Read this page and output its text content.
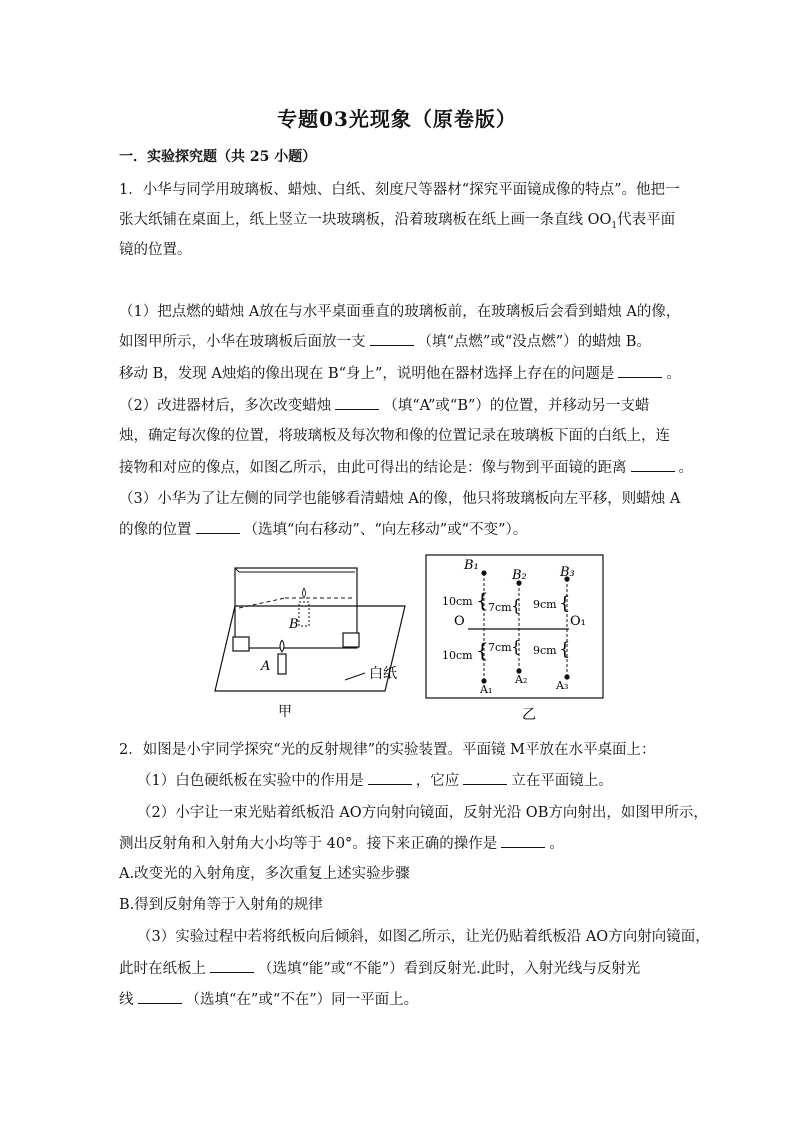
专题03光现象（原卷版）
一．实验探究题（共 25 小题）
1．小华与同学用玻璃板、蜡烛、白纸、刻度尺等器材“探究平面镜成像的特点”。他把一
张大纸铺在桌面上，纸上竖立一块玻璃板，沿着玻璃板在纸上画一条直线 $OO_1$代表平面
镜的位置。
（1）把点燃的蜡烛 A放在与水平桌面垂直的玻璃板前，在玻璃板后会看到蜡烛 A的像，
如图甲所示，小华在玻璃板后面放一支	（填“点燃”或“没点燃”）的蜡烛 B。
移动 B，发现 A烛焰的像出现在 B“身上”，说明他在器材选择上存在的问题是	。
（2）改进器材后，多次改变蜡烛	（填“A”或“B”）的位置，并移动另一支蜡
烛，确定每次像的位置，将玻璃板及每次物和像的位置记录在玻璃板下面的白纸上，连
接物和对应的像点，如图乙所示，由此可得出的结论是：像与物到平面镜的距离	。
（3）小华为了让左侧的同学也能够看清蜡烛 A的像，他只将玻璃板向左平移，则蜡烛 A
的像的位置	（选填“向右移动”、“向左移动”或“不变”）。
B
A	白纸
甲
O	O₁
B₁
B₂	B₃
A₁
A₂	A₃
10cm
10cm
7cm
7cm
9cm
9cm
{
{
{
{
{
{
乙
2．如图是小宇同学探究“光的反射规律”的实验装置。平面镜 M平放在水平桌面上：
（1）白色硬纸板在实验中的作用是	，它应	立在平面镜上。
（2）小宇让一束光贴着纸板沿 AO方向射向镜面，反射光沿 OB方向射出，如图甲所示，
测出反射角和入射角大小均等于 40°。接下来正确的操作是	。
A.改变光的入射角度，多次重复上述实验步骤
B.得到反射角等于入射角的规律
（3）实验过程中若将纸板向后倾斜，如图乙所示，让光仍贴着纸板沿 AO方向射向镜面，
此时在纸板上	（选填“能”或“不能”）看到反射光.此时，入射光线与反射光
线	（选填“在”或“不在”）同一平面上。
